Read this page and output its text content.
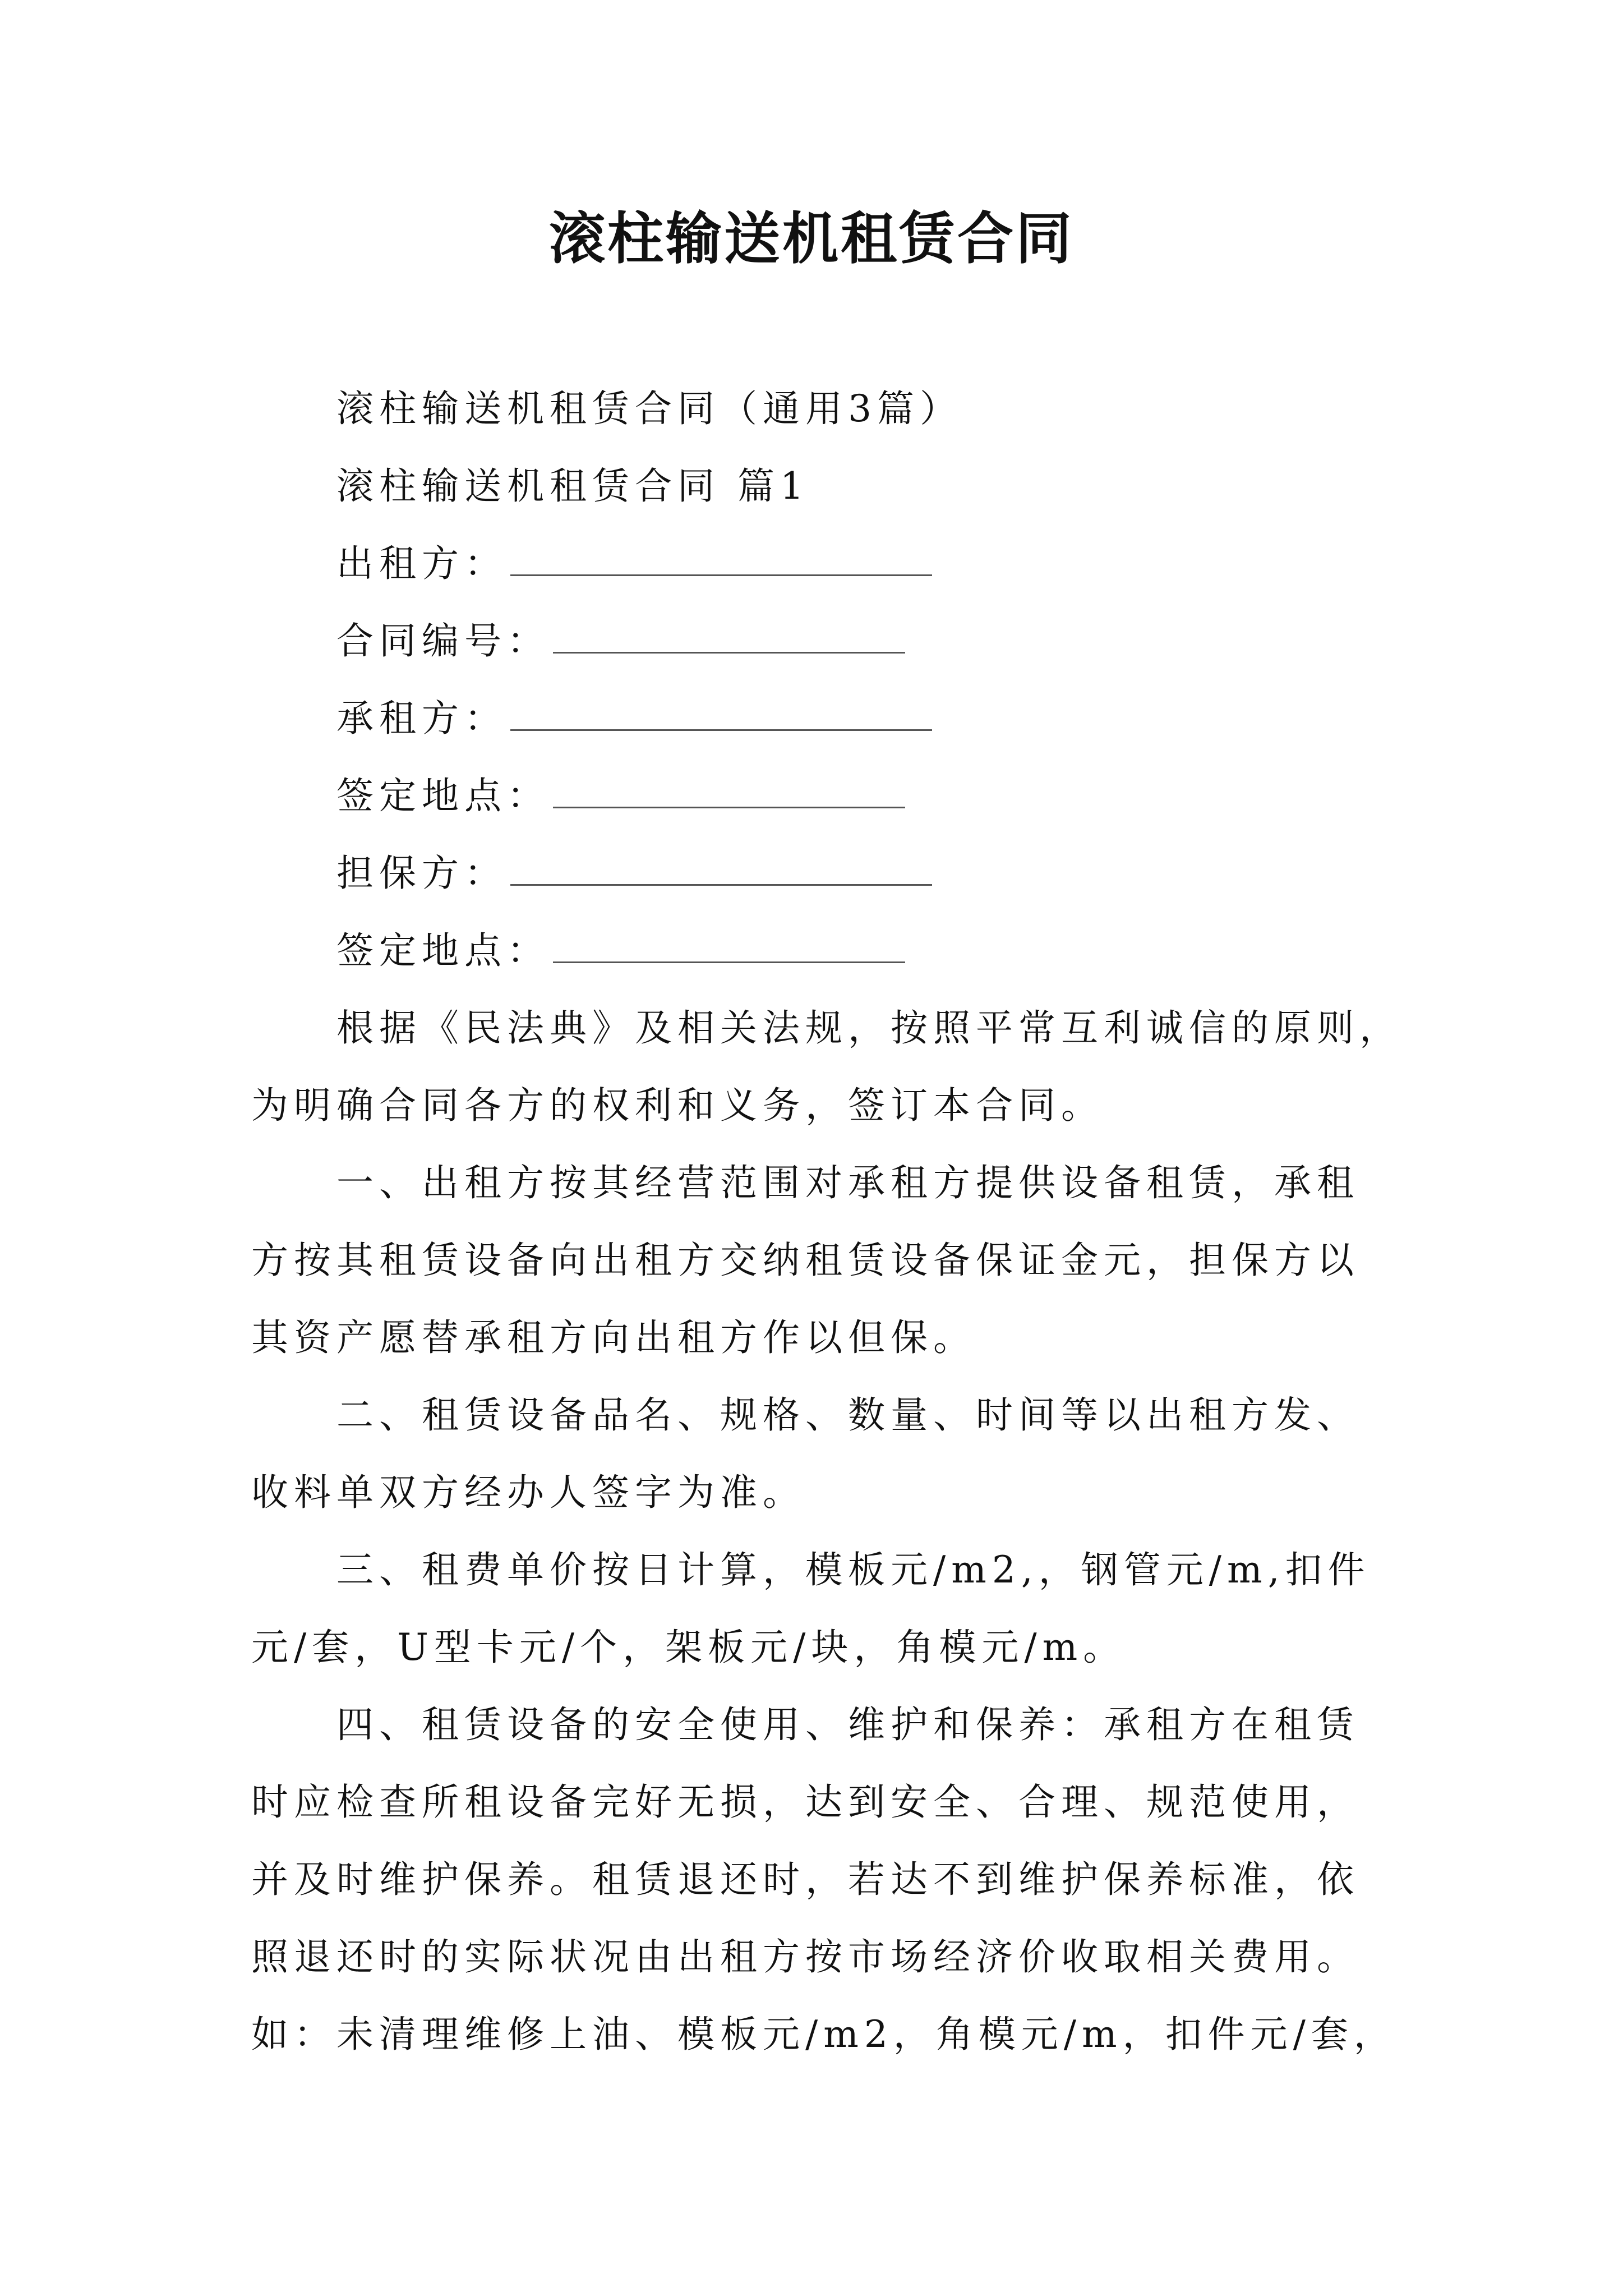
滚柱输送机租赁合同
滚柱输送机租赁合同（通用3篇）
滚柱输送机租赁合同 篇1
出租方：
合同编号：
承租方：
签定地点：
担保方：
签定地点：
根据《民法典》及相关法规，按照平常互利诚信的原则，
为明确合同各方的权利和义务，签订本合同。
一、出租方按其经营范围对承租方提供设备租赁，承租
方按其租赁设备向出租方交纳租赁设备保证金元，担保方以
其资产愿替承租方向出租方作以但保。
二、租赁设备品名、规格、数量、时间等以出租方发、
收料单双方经办人签字为准。
三、租费单价按日计算，模板元/m2,，钢管元/m,扣件
元/套，U型卡元/个，架板元/块，角模元/m。
四、租赁设备的安全使用、维护和保养：承租方在租赁
时应检查所租设备完好无损，达到安全、合理、规范使用，
并及时维护保养。租赁退还时，若达不到维护保养标准，依
照退还时的实际状况由出租方按市场经济价收取相关费用。
如：未清理维修上油、模板元/m2，角模元/m，扣件元/套，
